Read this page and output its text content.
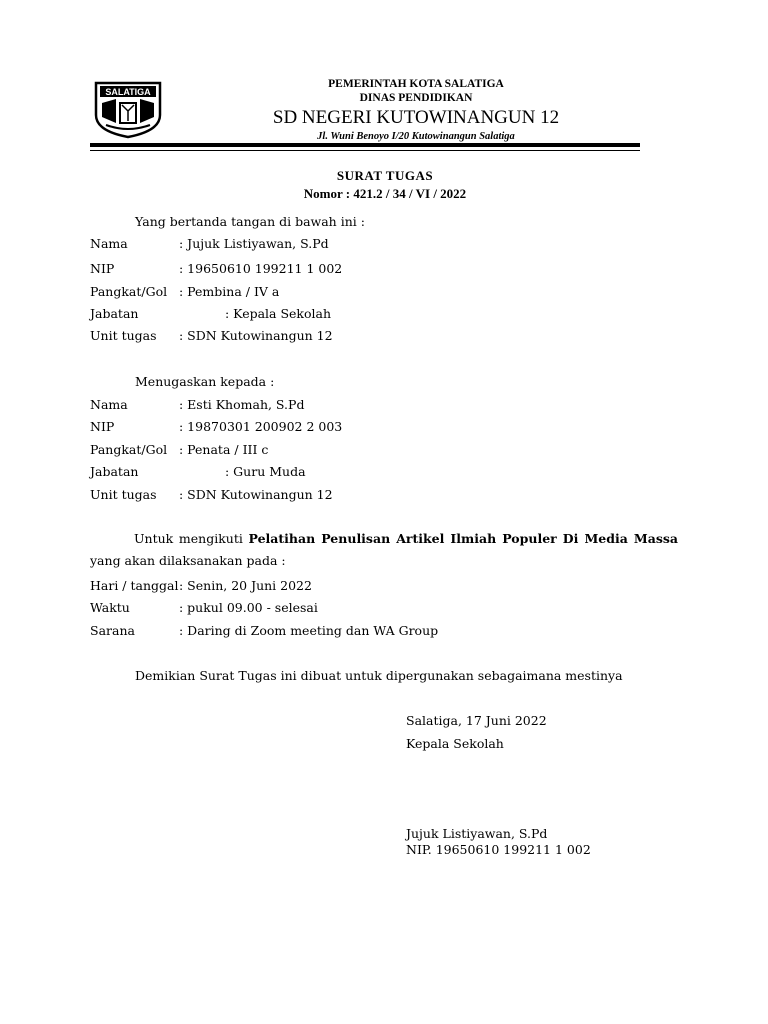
SALATIGA
PEMERINTAH KOTA SALATIGA
DINAS PENDIDIKAN
SD NEGERI KUTOWINANGUN 12
Jl. Wuni Benoyo I/20 Kutowinangun Salatiga
SURAT TUGAS
Nomor : 421.2 / 34 / VI / 2022
Yang bertanda tangan di bawah ini :
Nama	: Jujuk Listiyawan, S.Pd
NIP	: 19650610 199211 1 002
Pangkat/Gol : Pembina / IV a
Jabatan	: Kepala Sekolah
Unit tugas : SDN Kutowinangun 12
Menugaskan kepada :
Nama	: Esti Khomah, S.Pd
NIP	: 19870301 200902 2 003
Pangkat/Gol : Penata / III c
Jabatan	: Guru Muda
Unit tugas : SDN Kutowinangun 12
Untuk mengikuti Pelatihan Penulisan Artikel Ilmiah Populer Di Media Massa yang akan dilaksanakan pada :
Hari / tanggal : Senin, 20 Juni 2022
Waktu	: pukul 09.00 - selesai
Sarana	: Daring di Zoom meeting dan WA Group
Demikian Surat Tugas ini dibuat untuk dipergunakan sebagaimana mestinya
Salatiga, 17 Juni 2022
Kepala Sekolah
Jujuk Listiyawan, S.Pd
NIP. 19650610 199211 1 002
